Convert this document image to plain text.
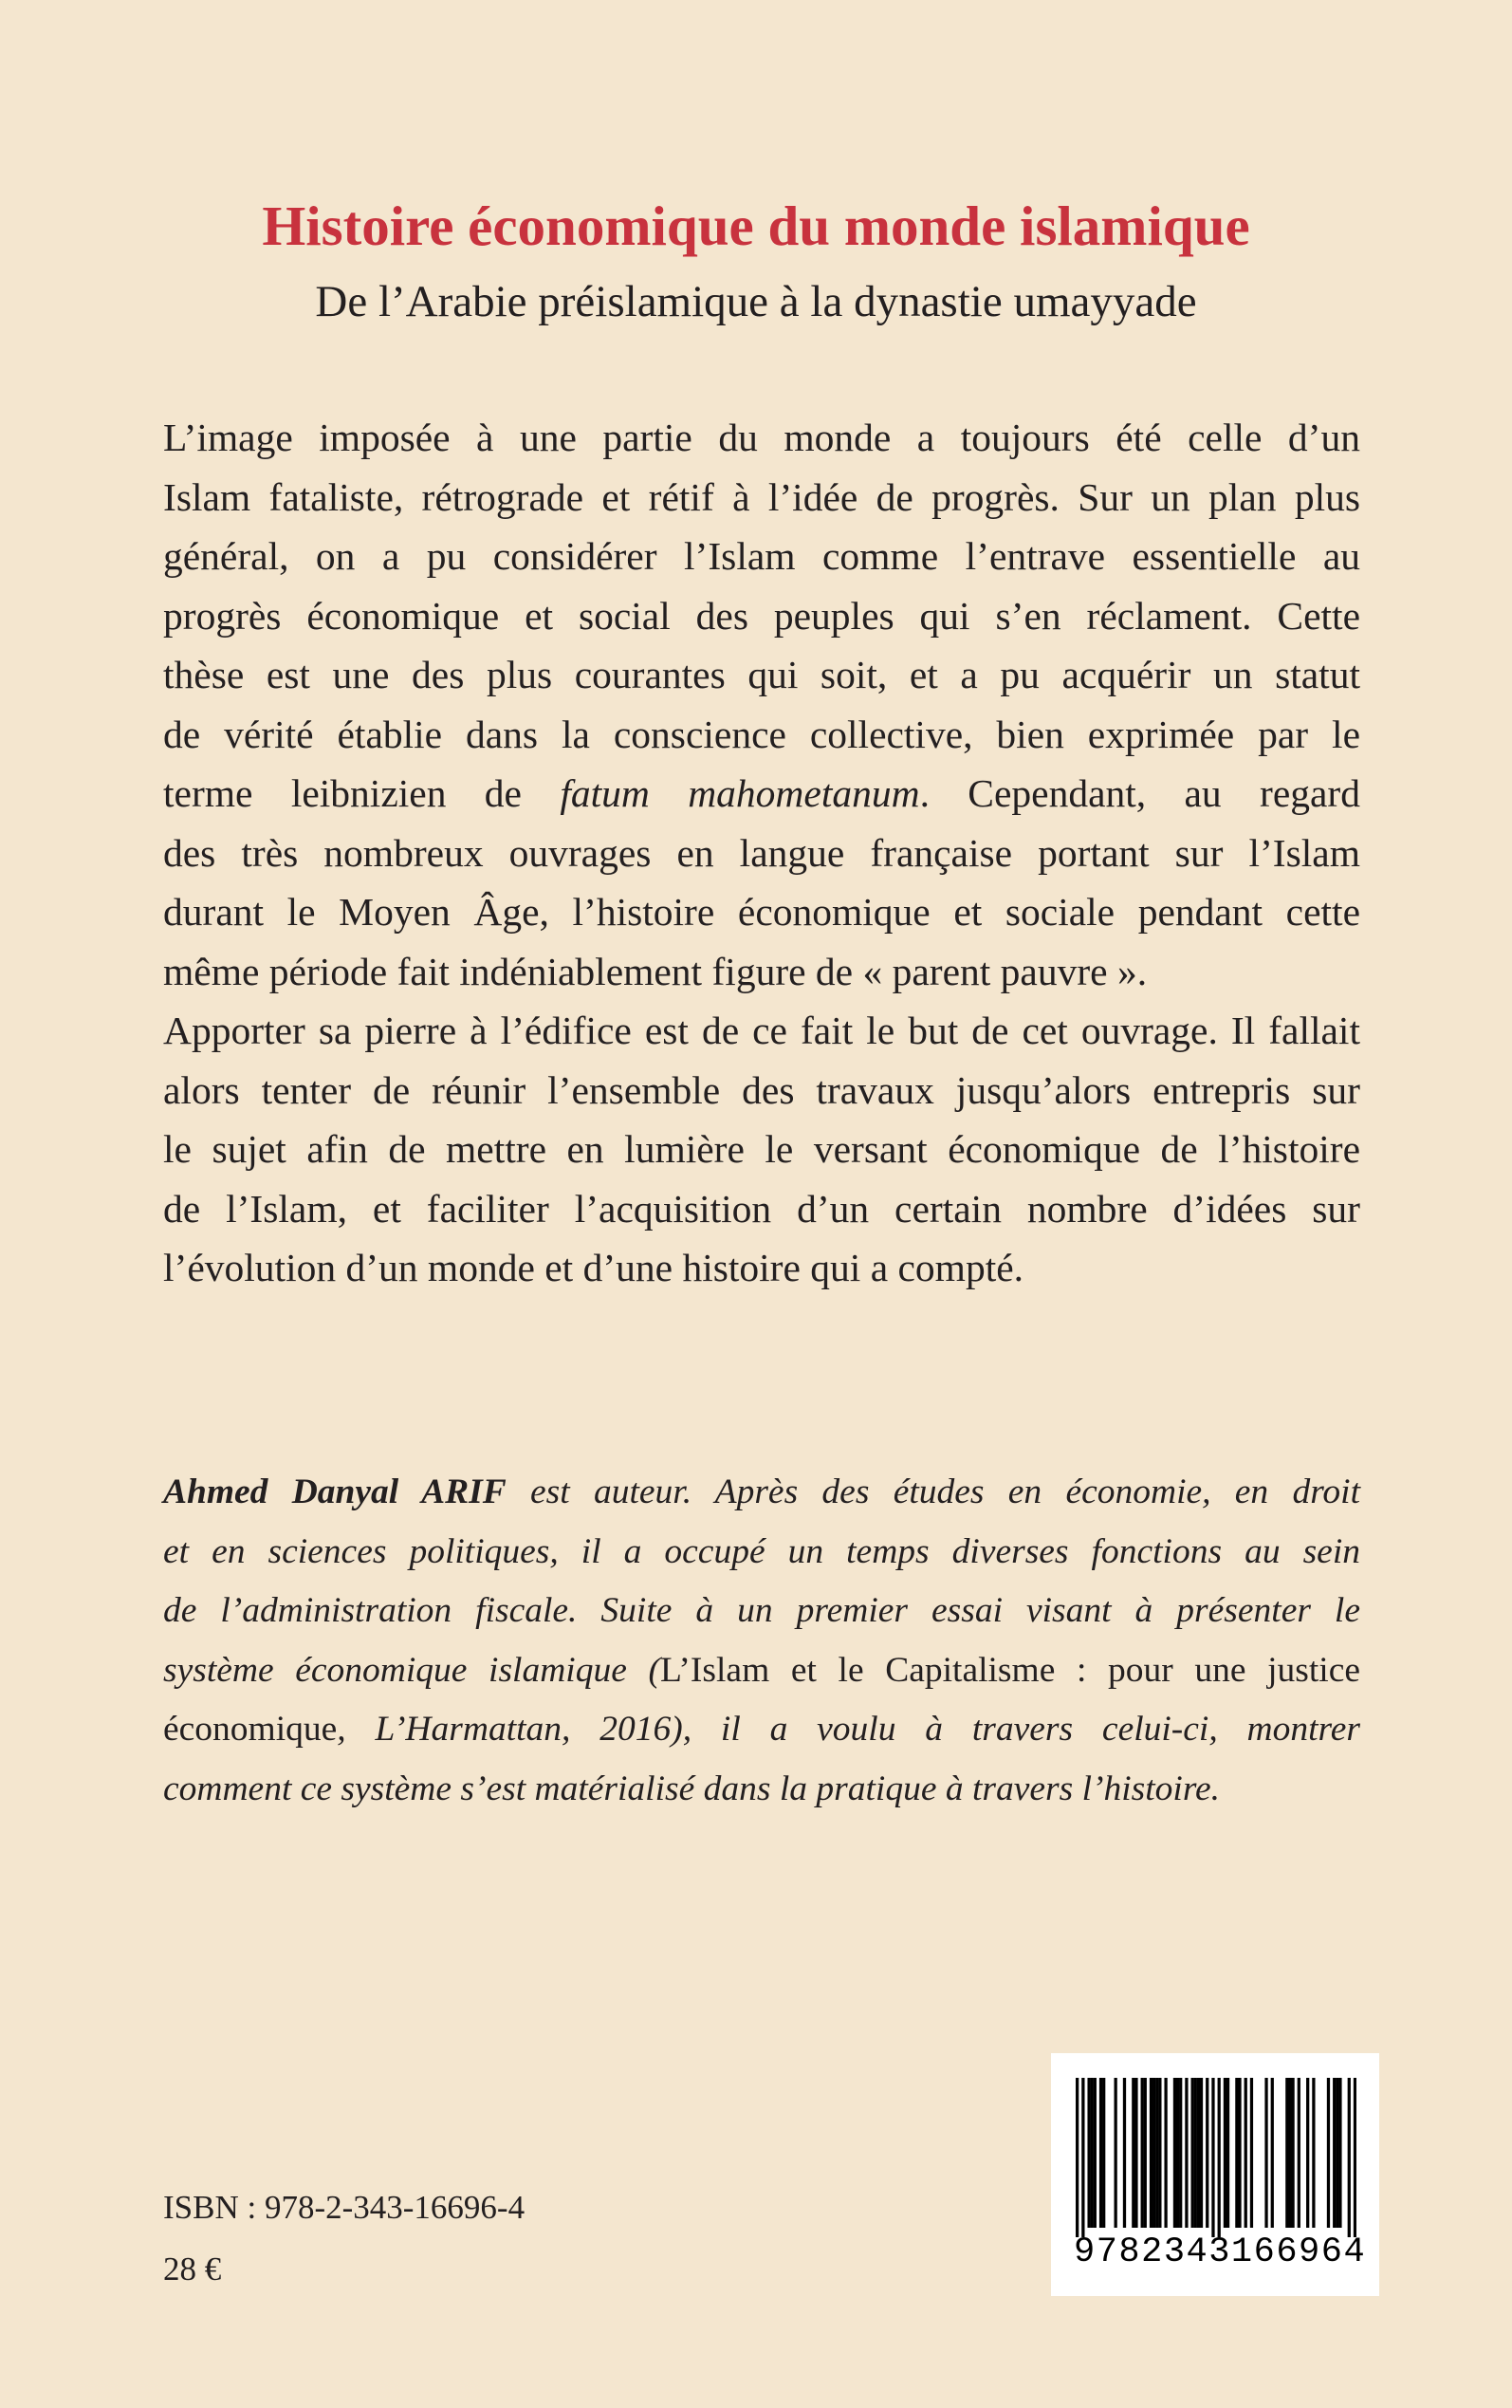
Histoire économique du monde islamique
De l’Arabie préislamique à la dynastie umayyade
L’image imposée à une partie du monde a toujours été celle d’un
Islam fataliste, rétrograde et rétif à l’idée de progrès. Sur un plan plus
général, on a pu considérer l’Islam comme l’entrave essentielle au
progrès économique et social des peuples qui s’en réclament. Cette
thèse est une des plus courantes qui soit, et a pu acquérir un statut
de vérité établie dans la conscience collective, bien exprimée par le
terme leibnizien de fatum mahometanum. Cependant, au regard
des très nombreux ouvrages en langue française portant sur l’Islam
durant le Moyen Âge, l’histoire économique et sociale pendant cette
même période fait indéniablement figure de « parent pauvre ».
Apporter sa pierre à l’édifice est de ce fait le but de cet ouvrage. Il fallait
alors tenter de réunir l’ensemble des travaux jusqu’alors entrepris sur
le sujet afin de mettre en lumière le versant économique de l’histoire
de l’Islam, et faciliter l’acquisition d’un certain nombre d’idées sur
l’évolution d’un monde et d’une histoire qui a compté.
Ahmed Danyal ARIF est auteur. Après des études en économie, en droit
et en sciences politiques, il a occupé un temps diverses fonctions au sein
de l’administration fiscale. Suite à un premier essai visant à présenter le
système économique islamique (L’Islam et le Capitalisme : pour une justice
économique, L’Harmattan, 2016), il a voulu à travers celui-ci, montrer
comment ce système s’est matérialisé dans la pratique à travers l’histoire.

ISBN : 978-2-343-16696-4

28 €	9782343166964
